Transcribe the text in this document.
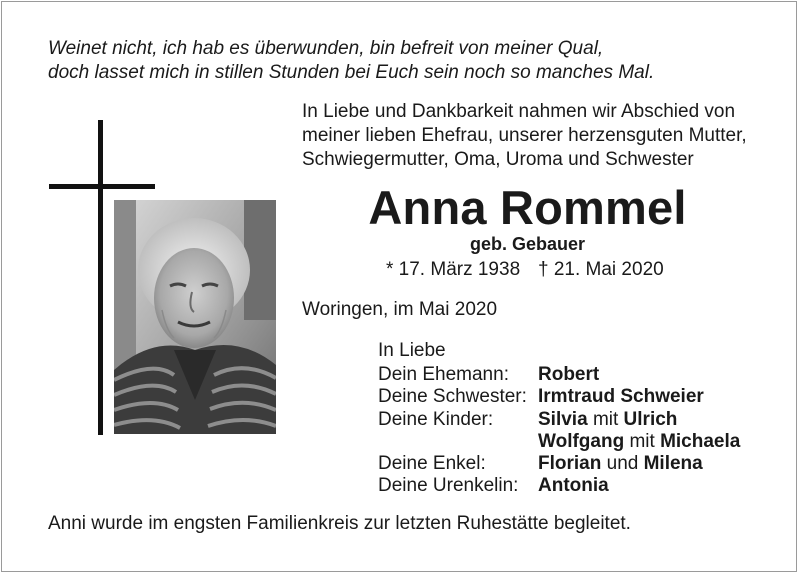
Weinet nicht, ich hab es überwunden, bin befreit von meiner Qual,
doch lasset mich in stillen Stunden bei Euch sein noch so manches Mal.
In Liebe und Dankbarkeit nahmen wir Abschied von
meiner lieben Ehefrau, unserer herzensguten Mutter,
Schwiegermutter, Oma, Uroma und Schwester
Anna Rommel
geb. Gebauer
* 17. März 1938 † 21. Mai 2020
Woringen, im Mai 2020
In Liebe
Dein Ehemann:	Robert
Deine Schwester: Irmtraud Schweier
Deine Kinder:	Silvia mit Ulrich
Wolfgang mit Michaela
Deine Enkel:	Florian und Milena
Deine Urenkelin:	Antonia
Anni wurde im engsten Familienkreis zur letzten Ruhestätte begleitet.
